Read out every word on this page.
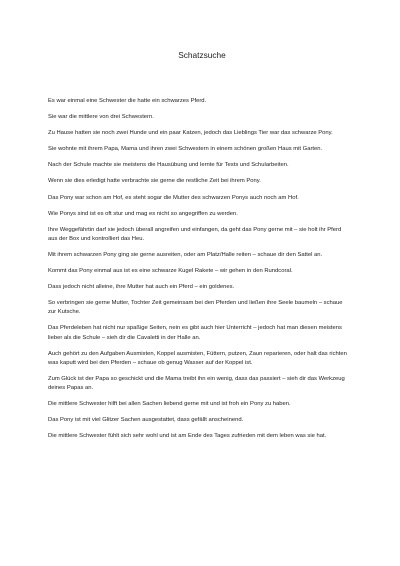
Schatzsuche

Es war einmal eine Schwester die hatte ein schwarzes Pferd.

Sie war die mittlere von drei Schwestern.

Zu Hause hatten sie noch zwei Hunde und ein paar Katzen, jedoch das Lieblings Tier war das schwarze Pony.

Sie wohnte mit ihrem Papa, Mama und ihren zwei Schwestern in einem schönen großen Haus mit Garten.

Nach der Schule machte sie meistens die Hausübung und lernte für Tests und Schularbeiten.

Wenn sie dies erledigt hatte verbrachte sie gerne die restliche Zeit bei ihrem Pony.

Das Pony war schon am Hof, es steht sogar die Mutter des schwarzen Ponys auch noch am Hof.

Wie Ponys sind ist es oft stur und mag es nicht so angegriffen zu werden.

Ihre Weggefährtin darf sie jedoch überall angreifen und einfangen, da geht das Pony gerne mit – sie holt ihr Pferd aus der Box und kontrolliert das Heu.

Mit ihrem schwarzen Pony ging sie gerne ausreiten, oder am Platz/Halle reiten – schaue dir den Sattel an.

Kommt das Pony einmal aus ist es eine schwarze Kugel Rakete – wir gehen in den Rundcoral.

Dass jedoch nicht alleine, ihre Mutter hat auch ein Pferd – ein goldenes.

So verbringen sie gerne Mutter, Tochter Zeit gemeinsam bei den Pferden und ließen ihre Seele baumeln – schaue zur Kutsche.

Das Pferdeleben hat nicht nur spaßige Seiten, nein es gibt auch hier Unterricht – jedoch hat man diesen meistens lieber als die Schule – sieh dir die Cavaletti in der Halle an.

Auch gehört zu den Aufgaben Ausmisten, Koppel ausmisten, Füttern, putzen, Zaun reparieren, oder halt das richten was kaputt wird bei den Pferden – schaue ob genug Wasser auf der Koppel ist.

Zum Glück ist der Papa so geschickt und die Mama treibt ihn ein wenig, dass das passiert – sieh dir das Werkzeug deines Papas an.

Die mittlere Schwester hilft bei allen Sachen liebend gerne mit und ist froh ein Pony zu haben.

Das Pony ist mit viel Glitzer Sachen ausgestattet, dass gefällt anscheinend.

Die mittlere Schwester fühlt sich sehr wohl und ist am Ende des Tages zufrieden mit dem leben was sie hat.
